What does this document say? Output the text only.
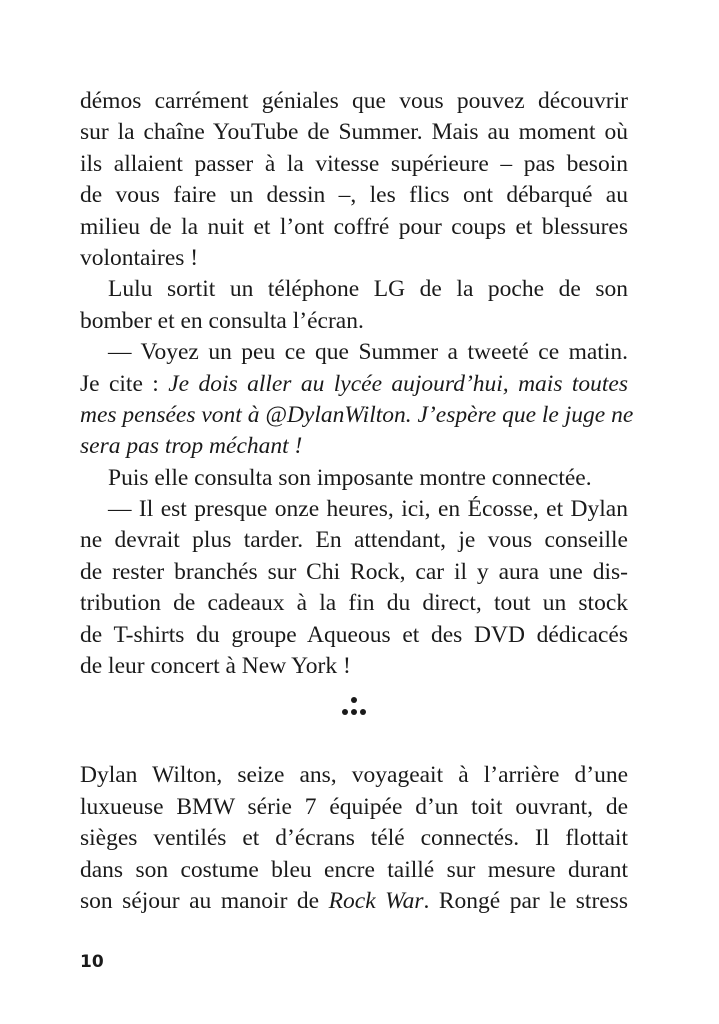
démos carrément géniales que vous pouvez découvrir
sur la chaîne YouTube de Summer. Mais au moment où
ils allaient passer à la vitesse supérieure – pas besoin
de vous faire un dessin –, les flics ont débarqué au
milieu de la nuit et l’ont coffré pour coups et blessures
volontaires !
Lulu sortit un téléphone LG de la poche de son
bomber et en consulta l’écran.
— Voyez un peu ce que Summer a tweeté ce matin.
Je cite : Je dois aller au lycée aujourd’hui, mais toutes
mes pensées vont à @DylanWilton. J’espère que le juge ne
sera pas trop méchant !
Puis elle consulta son imposante montre connectée.
— Il est presque onze heures, ici, en Écosse, et Dylan
ne devrait plus tarder. En attendant, je vous conseille
de rester branchés sur Chi Rock, car il y aura une dis-
tribution de cadeaux à la fin du direct, tout un stock
de T-shirts du groupe Aqueous et des DVD dédicacés
de leur concert à New York !
Dylan Wilton, seize ans, voyageait à l’arrière d’une
luxueuse BMW série 7 équipée d’un toit ouvrant, de
sièges ventilés et d’écrans télé connectés. Il flottait
dans son costume bleu encre taillé sur mesure durant
son séjour au manoir de Rock War. Rongé par le stress
10
